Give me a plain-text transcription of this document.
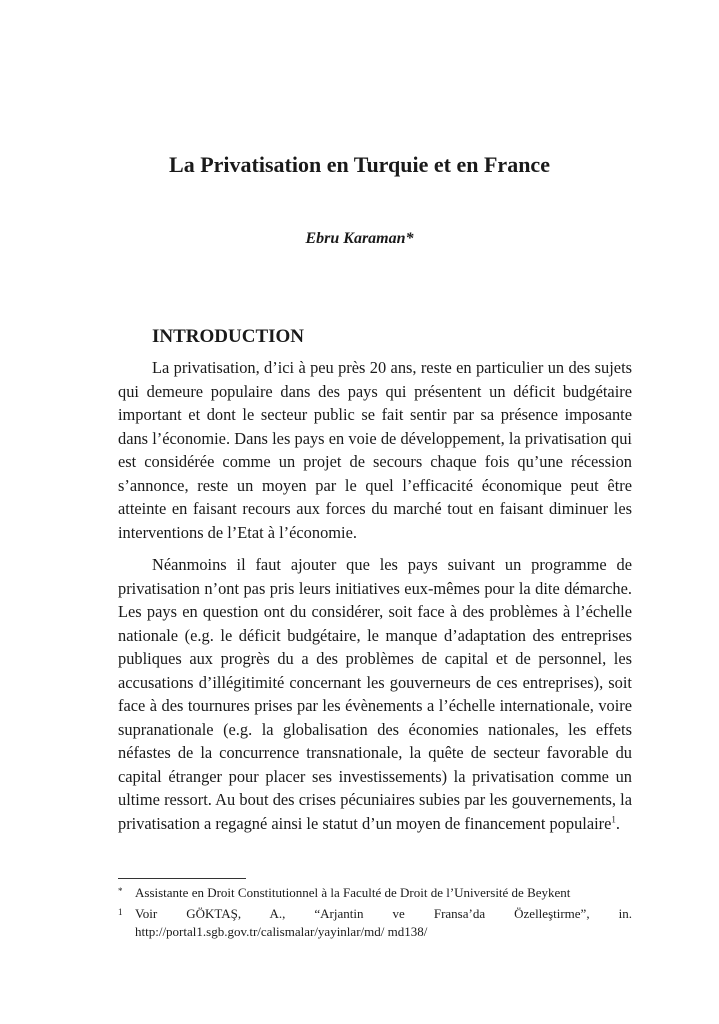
La Privatisation en Turquie et en France
Ebru Karaman*
INTRODUCTION

La privatisation, d’ici à peu près 20 ans, reste en particulier un des sujets qui demeure populaire dans des pays qui présentent un déficit budgétaire important et dont le secteur public se fait sentir par sa présence imposante dans l’économie. Dans les pays en voie de développement, la privatisation qui est considérée comme un projet de secours chaque fois qu’une récession s’annonce, reste un moyen par le quel l’efficacité économique peut être atteinte en faisant recours aux forces du marché tout en faisant diminuer les interventions de l’Etat à l’économie.

Néanmoins il faut ajouter que les pays suivant un programme de privatisation n’ont pas pris leurs initiatives eux-mêmes pour la dite démarche. Les pays en question ont du considérer, soit face à des problèmes à l’échelle nationale (e.g. le déficit budgétaire, le manque d’adaptation des entreprises publiques aux progrès du a des problèmes de capital et de personnel, les accusations d’illégitimité concernant les gouverneurs de ces entreprises), soit face à des tournures prises par les évènements a l’échelle internationale, voire supranationale (e.g. la globalisation des économies nationales, les effets néfastes de la concurrence transnationale, la quête de secteur favorable du capital étranger pour placer ses investissements) la privatisation comme un ultime ressort. Au bout des crises pécuniaires subies par les gouvernements, la privatisation a regagné ainsi le statut d’un moyen de financement populaire$^1$.

* Assistante en Droit Constitutionnel à la Faculté de Droit de l’Université de Beykent
1 Voir GÖKTAŞ, A., “Arjantin ve Fransa’da Özelleştirme”, in. http://portal1.sgb.gov.tr/calismalar/yayinlar/md/ md138/
